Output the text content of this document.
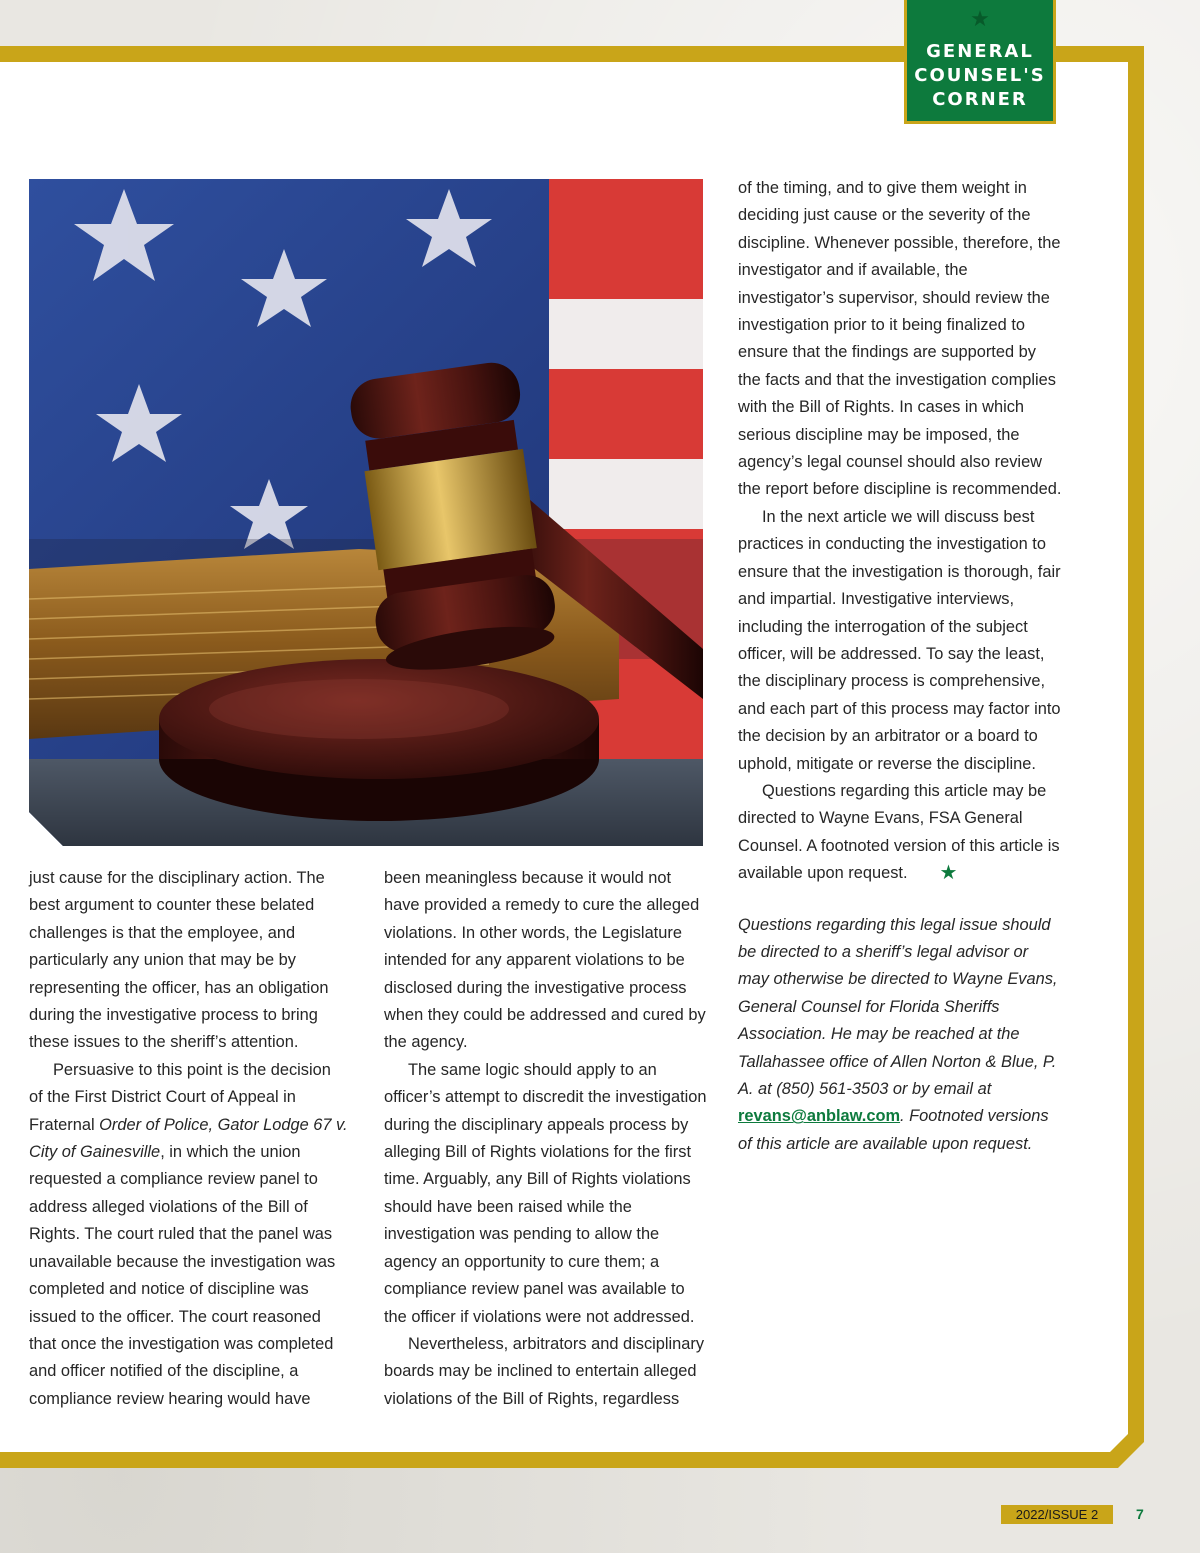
★
GENERAL
COUNSEL'S
CORNER

just cause for the disciplinary action. The best argument to counter these belated challenges is that the employee, and particularly any union that may be by representing the officer, has an obligation during the investigative process to bring these issues to the sheriff’s attention.

Persuasive to this point is the decision of the First District Court of Appeal in Fraternal Order of Police, Gator Lodge 67 v. City of Gainesville, in which the union requested a compliance review panel to address alleged violations of the Bill of Rights. The court ruled that the panel was unavailable because the investigation was completed and notice of discipline was issued to the officer. The court reasoned that once the investigation was completed and officer notified of the discipline, a compliance review hearing would have

been meaningless because it would not have provided a remedy to cure the alleged violations. In other words, the Legislature intended for any apparent violations to be disclosed during the investigative process when they could be addressed and cured by the agency.

The same logic should apply to an officer’s attempt to discredit the investigation during the disciplinary appeals process by alleging Bill of Rights violations for the first time. Arguably, any Bill of Rights violations should have been raised while the investigation was pending to allow the agency an opportunity to cure them; a compliance review panel was available to the officer if violations were not addressed.

Nevertheless, arbitrators and disciplinary boards may be inclined to entertain alleged violations of the Bill of Rights, regardless

of the timing, and to give them weight in deciding just cause or the severity of the discipline. Whenever possible, therefore, the investigator and if available, the investigator’s supervisor, should review the investigation prior to it being finalized to ensure that the findings are supported by the facts and that the investigation complies with the Bill of Rights. In cases in which serious discipline may be imposed, the agency’s legal counsel should also review the report before discipline is recommended.

In the next article we will discuss best practices in conducting the investigation to ensure that the investigation is thorough, fair and impartial. Investigative interviews, including the interrogation of the subject officer, will be addressed. To say the least, the disciplinary process is comprehensive, and each part of this process may factor into the decision by an arbitrator or a board to uphold, mitigate or reverse the discipline.

Questions regarding this article may be directed to Wayne Evans, FSA General Counsel. A footnoted version of this article is available upon request. ★

Questions regarding this legal issue should be directed to a sheriff’s legal advisor or may otherwise be directed to Wayne Evans, General Counsel for Florida Sheriffs Association. He may be reached at the Tallahassee office of Allen Norton & Blue, P. A. at (850) 561-3503 or by email at revans@anblaw.com. Footnoted versions of this article are available upon request.

2022/ISSUE 2	7
